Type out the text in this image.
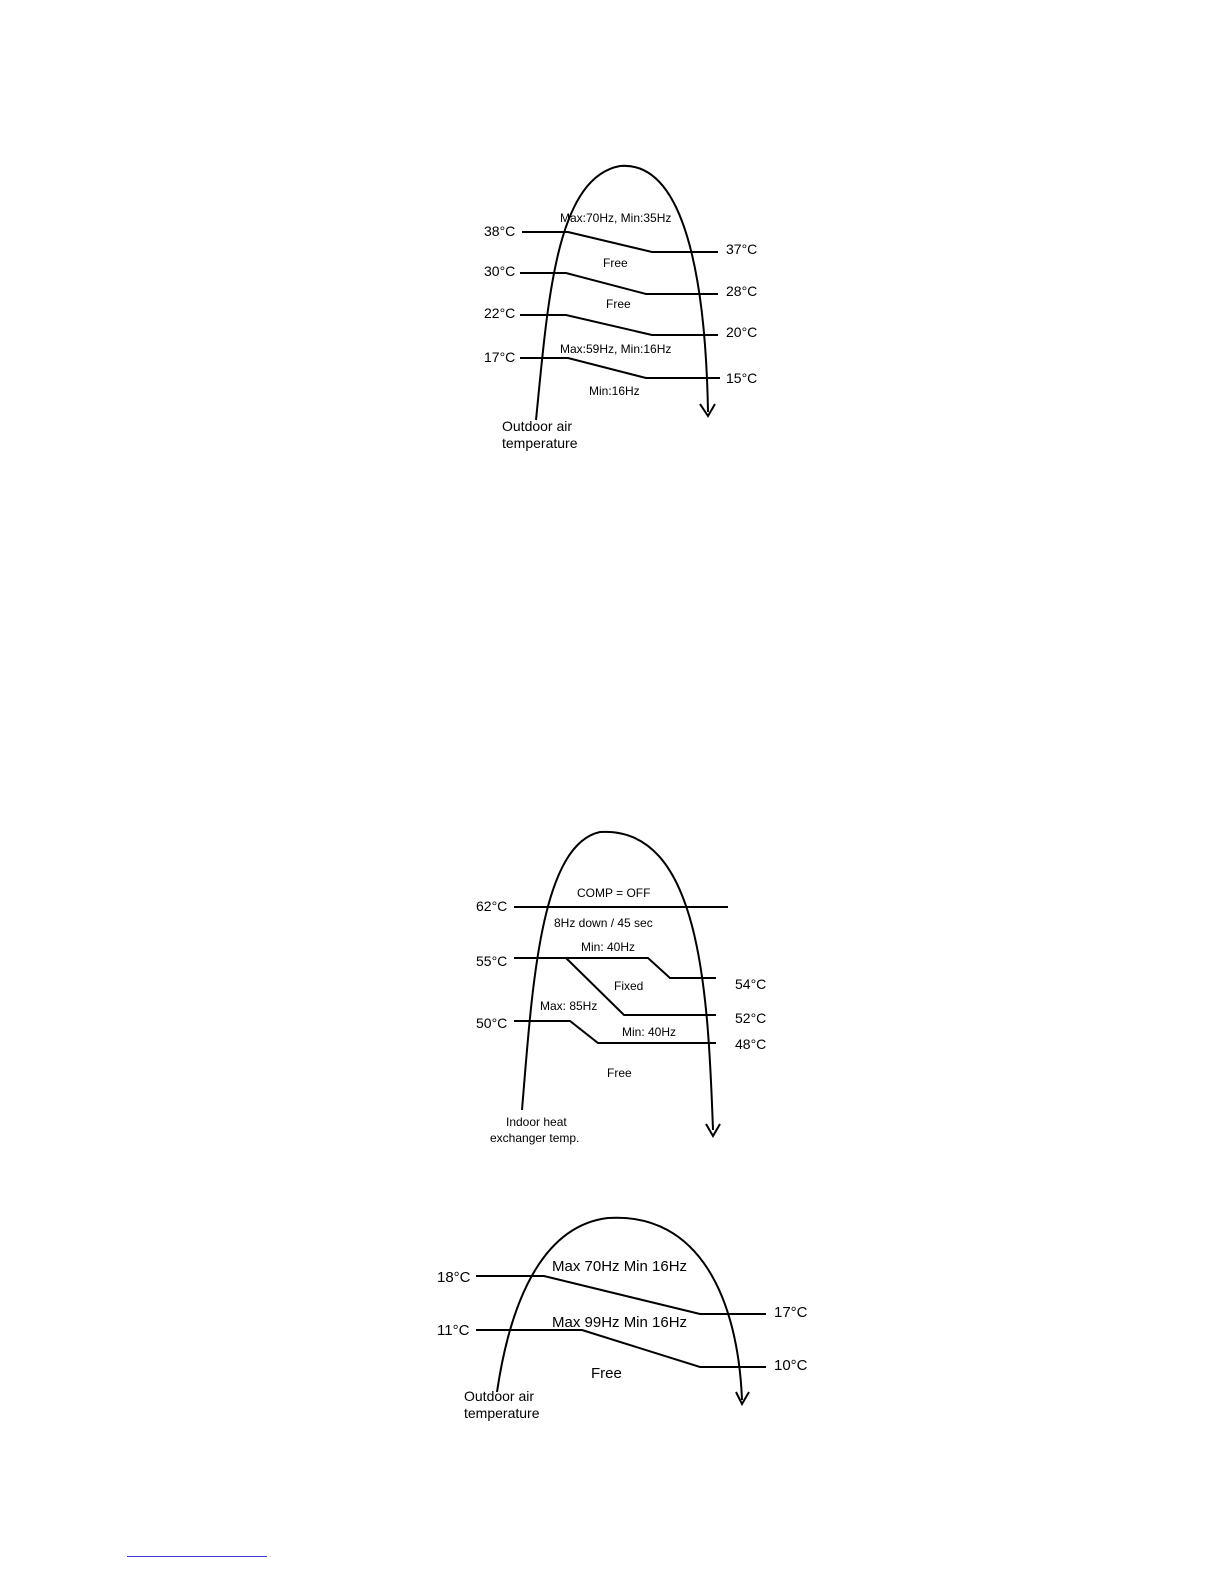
38°C
30°C
22°C
17°C
37°C
28°C
20°C
15°C
Max:70Hz, Min:35Hz
Free
Free
Max:59Hz, Min:16Hz
Min:16Hz
Outdoor air
temperature
62°C
55°C
50°C
54°C
52°C
48°C
COMP = OFF
8Hz down / 45 sec
Min: 40Hz
Fixed
Max: 85Hz
Min: 40Hz
Free
Indoor heat
exchanger temp.
18°C
11°C
17°C
10°C
Max 70Hz Min 16Hz
Max 99Hz Min 16Hz
Free
Outdoor air
temperature
